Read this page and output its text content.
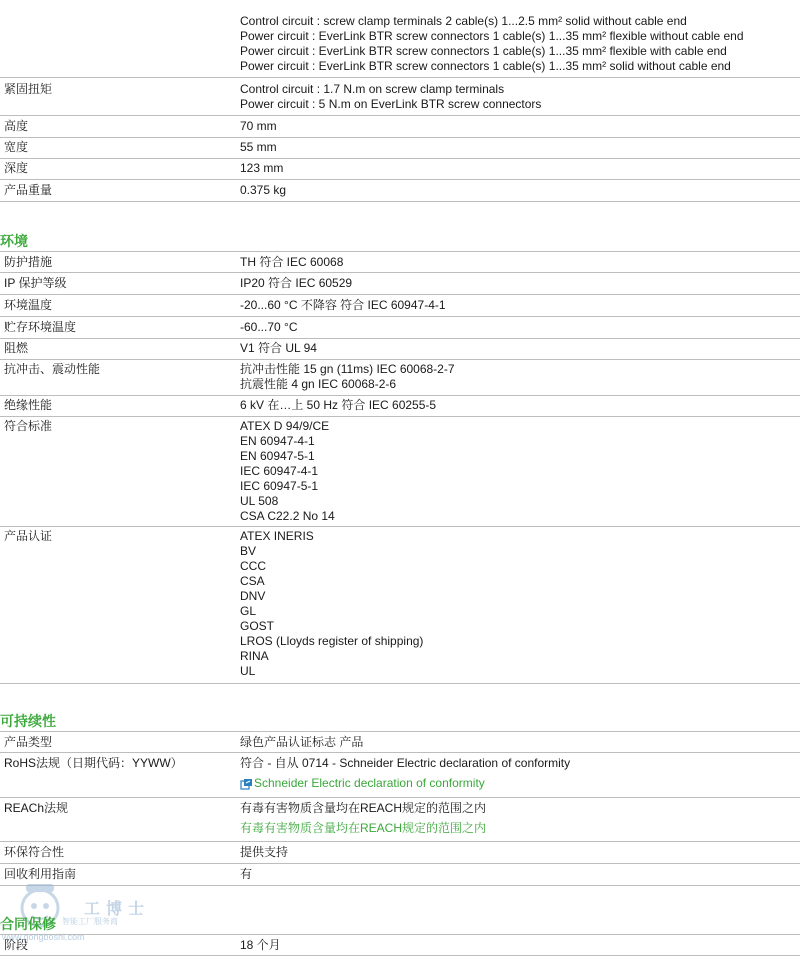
Control circuit : screw clamp terminals 2 cable(s) 1...2.5 mm² solid without cable end
Power circuit : EverLink BTR screw connectors 1 cable(s) 1...35 mm² flexible without cable end
Power circuit : EverLink BTR screw connectors 1 cable(s) 1...35 mm² flexible with cable end
Power circuit : EverLink BTR screw connectors 1 cable(s) 1...35 mm² solid without cable end
紧固扭矩	Control circuit : 1.7 N.m on screw clamp terminals
Power circuit : 5 N.m on EverLink BTR screw connectors
高度	70 mm
宽度	55 mm
深度	123 mm
产品重量	0.375 kg
环境
防护措施	TH 符合 IEC 60068
IP 保护等级	IP20 符合 IEC 60529
环境温度	-20...60 °C 不降容 符合 IEC 60947-4-1
贮存环境温度	-60...70 °C
阻燃	V1 符合 UL 94
抗冲击、震动性能	抗冲击性能 15 gn (11ms) IEC 60068-2-7
抗震性能 4 gn IEC 60068-2-6
绝缘性能	6 kV 在…上 50 Hz 符合 IEC 60255-5
符合标准	ATEX D 94/9/CE
EN 60947-4-1
EN 60947-5-1
IEC 60947-4-1
IEC 60947-5-1
UL 508
CSA C22.2 No 14
产品认证	ATEX INERIS
BV
CCC
CSA
DNV
GL
GOST
LROS (Lloyds register of shipping)
RINA
UL
可持续性
产品类型	绿色产品认证标志 产品
RoHS法规（日期代码：YYWW）	符合 - 自从 0714 - Schneider Electric declaration of conformity
Schneider Electric declaration of conformity
REACh法规	有毒有害物质含量均在REACH规定的范围之内
有毒有害物质含量均在REACH规定的范围之内
环保符合性	提供支持
回收利用指南	有
工博士
智能工厂服务商
www.gongboshi.com
合同保修
阶段	18 个月
